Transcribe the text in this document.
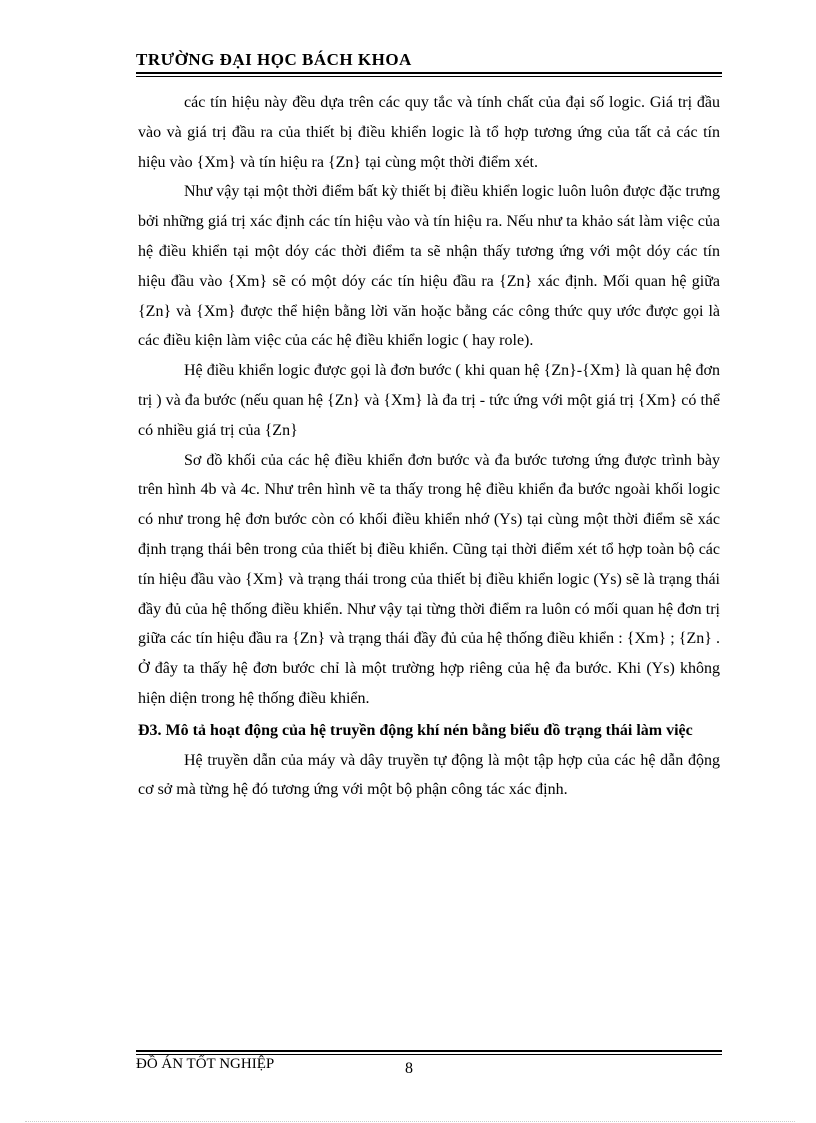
TRƯỜNG ĐẠI HỌC BÁCH KHOA

các tín hiệu này đều dựa trên các quy tắc và tính chất của đại số logic. Giá trị đầu vào và giá trị đầu ra của thiết bị điều khiển logic là tổ hợp tương ứng của tất cả các tín hiệu vào {Xm} và tín hiệu ra {Zn} tại cùng một thời điểm xét.

Như vậy tại một thời điểm bất kỳ thiết bị điều khiển logic luôn luôn được đặc trưng bởi những giá trị xác định các tín hiệu vào và tín hiệu ra. Nếu như ta khảo sát làm việc của hệ điều khiển tại một dóy các thời điểm ta sẽ nhận thấy tương ứng với một dóy các tín hiệu đầu vào {Xm} sẽ có một dóy các tín hiệu đầu ra {Zn} xác định. Mối quan hệ giữa {Zn} và {Xm} được thể hiện bằng lời văn hoặc bằng các công thức quy ước được gọi là các điều kiện làm việc của các hệ điều khiển logic ( hay role).

Hệ điều khiển logic được gọi là đơn bước ( khi quan hệ {Zn}-{Xm} là quan hệ đơn trị ) và đa bước (nếu quan hệ {Zn} và {Xm} là đa trị - tức ứng với một giá trị {Xm} có thể có nhiều giá trị của {Zn}

Sơ đồ khối của các hệ điều khiển đơn bước và đa bước tương ứng được trình bày trên hình 4b và 4c. Như trên hình vẽ ta thấy trong hệ điều khiển đa bước ngoài khối logic có như trong hệ đơn bước còn có khối điều khiển nhớ (Ys) tại cùng một thời điểm sẽ xác định trạng thái bên trong của thiết bị điều khiển. Cũng tại thời điểm xét tổ hợp toàn bộ các tín hiệu đầu vào {Xm} và trạng thái trong của thiết bị điều khiển logic (Ys) sẽ là trạng thái đầy đủ của hệ thống điều khiển. Như vậy tại từng thời điểm ra luôn có mối quan hệ đơn trị giữa các tín hiệu đầu ra {Zn} và trạng thái đầy đủ của hệ thống điều khiển : {Xm} ; {Zn} . Ở đây ta thấy hệ đơn bước chỉ là một trường hợp riêng của hệ đa bước. Khi (Ys) không hiện diện trong hệ thống điều khiển.

Đ3. Mô tả hoạt động của hệ truyền động khí nén bằng biểu đồ trạng thái làm việc

Hệ truyền dẫn của máy và dây truyền tự động là một tập hợp của các hệ dẫn động cơ sở mà từng hệ đó tương ứng với một bộ phận công tác xác định.

ĐỒ ÁN TỐT NGHIỆP	8
